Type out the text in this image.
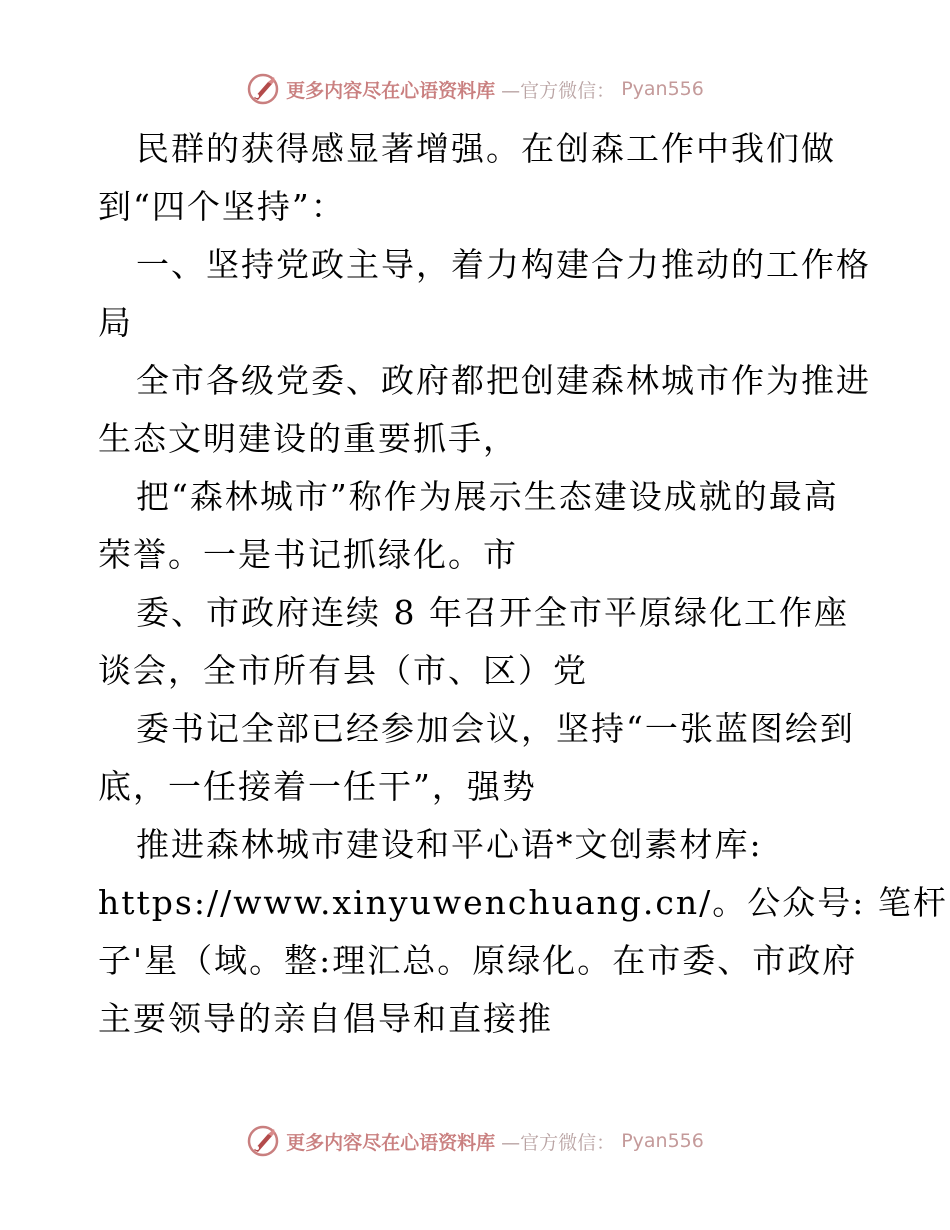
更多内容尽在心语资料库 —官方微信： Pyan556
民群的获得感显著增强。在创森工作中我们做
到“四个坚持”：
一、坚持党政主导，着力构建合力推动的工作格
局
全市各级党委、政府都把创建森林城市作为推进
生态文明建设的重要抓手，
把“森林城市”称作为展示生态建设成就的最高
荣誉。一是书记抓绿化。市
委、市政府连续 8 年召开全市平原绿化工作座
谈会，全市所有县（市、区）党
委书记全部已经参加会议，坚持“一张蓝图绘到
底，一任接着一任干”，强势
推进森林城市建设和平心语*文创素材库:
https://www.xinyuwenchuang.cn/。公众号: 笔杆
子'星（域。整:理汇总。原绿化。在市委、市政府
主要领导的亲自倡导和直接推
更多内容尽在心语资料库 —官方微信： Pyan556
